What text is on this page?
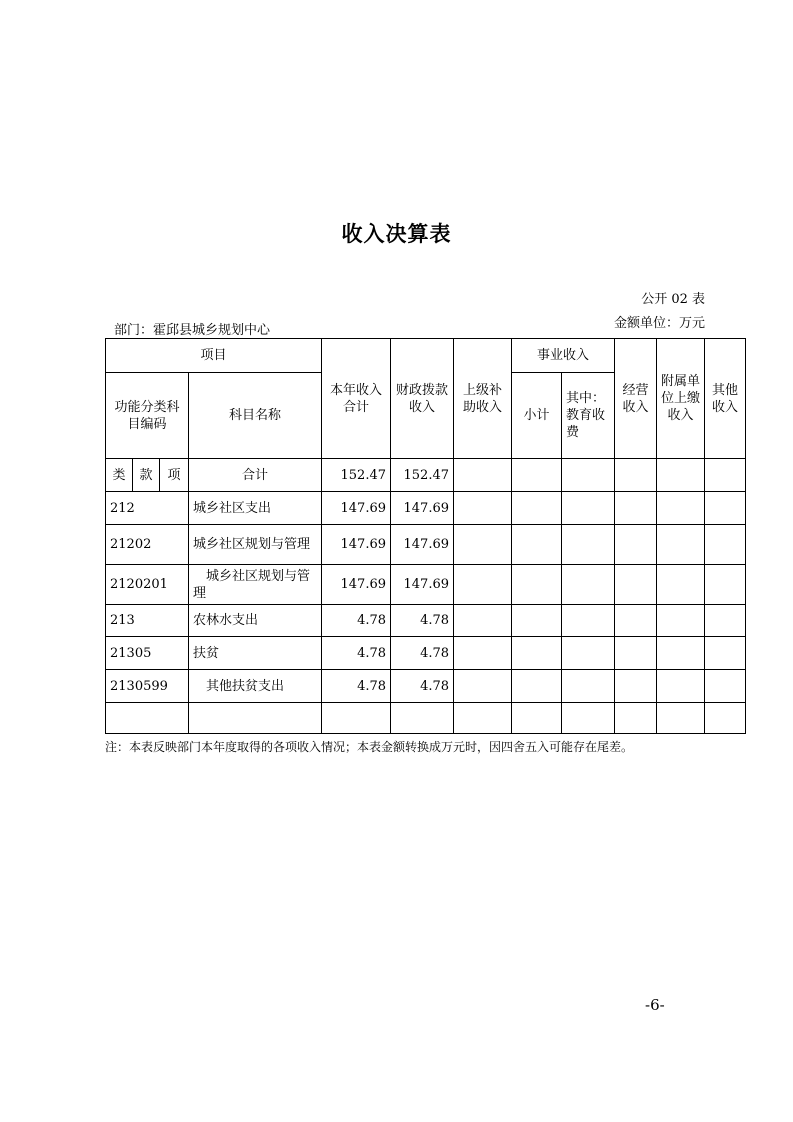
收入决算表
公开 02 表
金额单位：万元
部门：霍邱县城乡规划中心
项目				本年收入合计	财政拨款收入	上级补助收入	事业收入		经营收入	附属单位上缴收入	其他收入
功能分类科目编码			科目名称				小计	其中：教育收费			
类	款	项	合计	152.47	152.47						
212			城乡社区支出	147.69	147.69						
21202			城乡社区规划与管理	147.69	147.69						
2120201			城乡社区规划与管理	147.69	147.69						
213			农林水支出	4.78	4.78						
21305			扶贫	4.78	4.78						
2130599			其他扶贫支出	4.78	4.78						

注：本表反映部门本年度取得的各项收入情况；本表金额转换成万元时，因四舍五入可能存在尾差。
-6-
